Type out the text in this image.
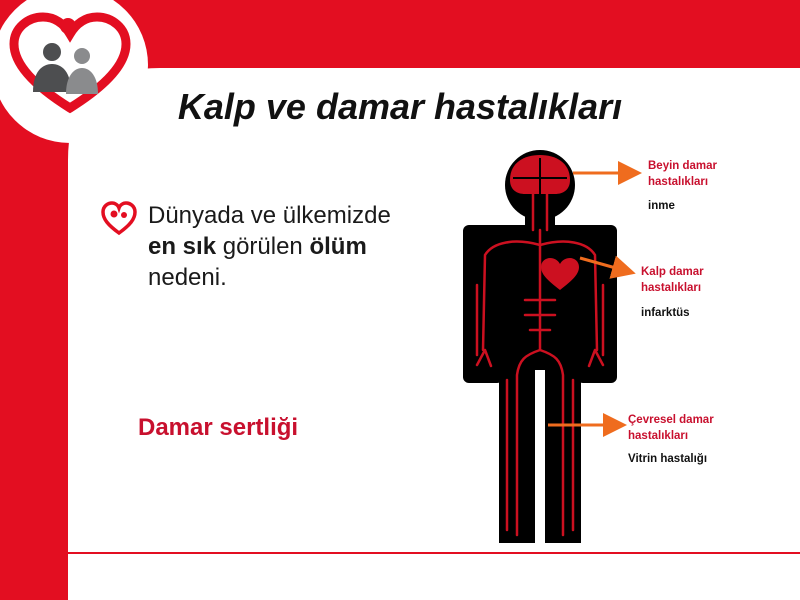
Kalp ve damar hastalıkları
Dünyada ve ülkemizde
en sık görülen ölüm
nedeni.
Damar sertliği
Beyin damar
hastalıkları
inme
Kalp damar
hastalıkları
infarktüs
Çevresel damar
hastalıkları
Vitrin hastalığı
